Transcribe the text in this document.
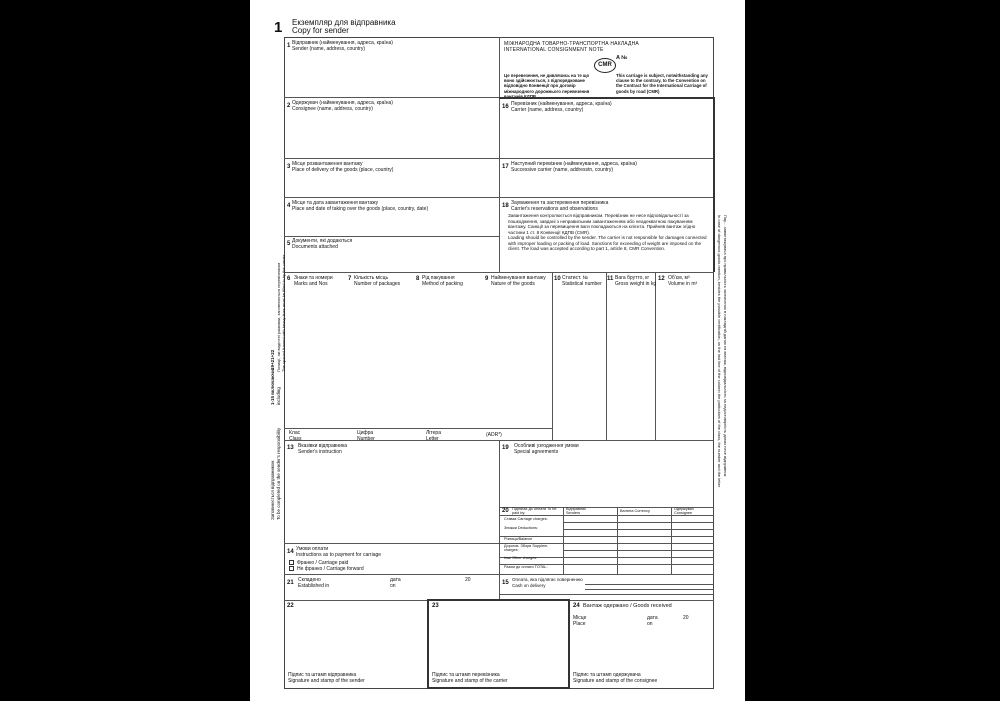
1 Екземпляр для відправника
Copy for sender
1 Відправник (найменування, адреса, країна)
Sender (name, address, country)
2 Одержувач (найменування, адреса, країна)
Consignee (name, address, country)
3 Місце розвантаження вантажу
Place of delivery of the goods (place, country)
4 Місце та дата завантаження вантажу
Place and date of taking over the goods (place, country, date)
5 Документи, які додаються
Documents attached
МІЖНАРОДНА ТОВАРНО-ТРАНСПОРТНА НАКЛАДНА
INTERNATIONAL CONSIGNMENT NOTE
A №
CMR
Це перевезення, не дивлячись на те що воно здійснюється, з підпорядковане відповідно Конвенції про договір міжнародного дорожнього перевезення вантажів КДПВ
This carriage is subject, notwithstanding any clause to the contrary, to the Convention on the Contract for the International Carriage of goods by road (CMR)
16 Перевізник (найменування, адреса, країна)
Carrier (name, address, country)
17 Наступний перевізник (найменування, адреса, країна)
Successive carrier (name, addresstn, country)
18 Зауваження та застереження перевізника
Carrier's reservations and observations
Завантаження контролюється відправником. Перевізник не несе відповідальності за пошкодження, завдані з неправильним завантаженням або неадекватною пакуванням вантажу. Санкції за перевищення ваги покладаються на клієнта. Прийняв вантаж згідно частини 1 ст. 8 Конвенції КДПВ (CMR).
Loading should be controlled by the sender. The carrier is not responsible for damages connected with improper loading or packing of load. Sanctions for exceeding of weight are imposed on the client. The load was accepted according to part 1, article 8, CMR Convention.
6 Знаки та номери
Marks and Nos
7 Кількість місць
Number of packages
8 Рід пакування
Method of packing
9 Найменування вантажу
Nature of the goods
10 Статист. №
Statistical number
11 Вага брутто, кг
Gross weight in kg
12 Об'єм, м³
Volume in m³
Клас
Class
Цифра
Number
Літера
Letter
(ADR*)
13 Вказівки відправника
Sender's instruction
19 Особливі узгодження умови
Special agreements
20 Підлягає до оплати To be paid by:
Відправник Senders	Валюта Currency	Одержувач Consignee
Ставка Carriage charges:
Знижки Deductions:
Різниця/Balance
Дорогов. Збори Supplem. charges:
Інші Other charges:
Разом до оплати TOTAL:
14 Умови оплати
Instructions as to payment for carriage
Франко / Carriage paid
Не франко / Carriage forward
21 Складено
Established in
дата
on
20	15
Оплата, яка підлягає поверненню
Cash on delivery
22
Підпис та штамп відправника
Signature and stamp of the sender
23
Підпис та штамп перевізника
Signature and stamp of the carrier
24 Вантаж одержано / Goods received
Місце
Place
дата
on
20
Підпис та штамп одержувача
Signature and stamp of the consignee
Заповнюється відправником To be completed on the sender's responsibility
1-15 включаючи including
19+21+22 Позиції, які виділені рамками, заповнюються перевізником The spaced framed with heavy lines must be filled in by the carrier	Пар... завантажувача про правильність зазначених в накладній даних на вантаж, відповідальність за недостовірність даних несе відправник
In case of dangerous goods mention, besides the possible certification, on the last line of the column the particulars of the class, the number and the letter
